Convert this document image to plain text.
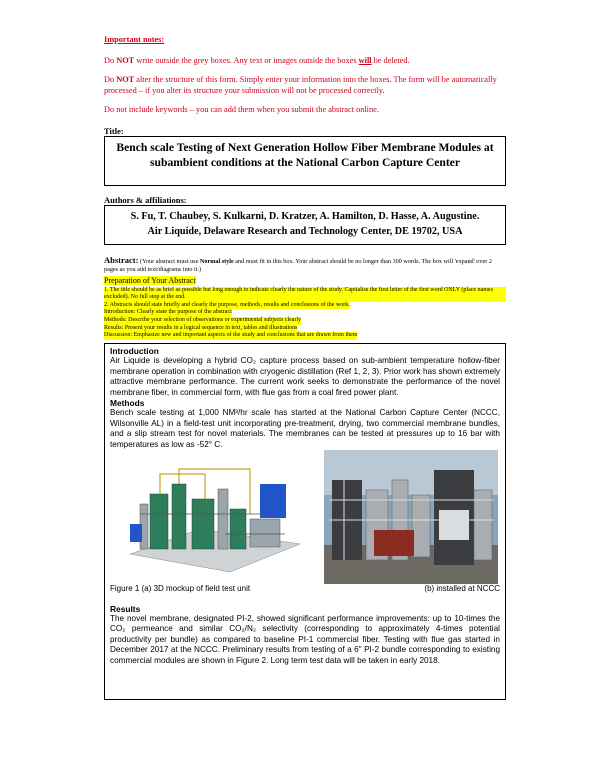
Important notes:

Do NOT write outside the grey boxes. Any text or images outside the boxes will be deleted.

Do NOT alter the structure of this form. Simply enter your information into the boxes. The form will be automatically processed – if you alter its structure your submission will not be processed correctly.

Do not include keywords – you can add them when you submit the abstract online.

Title:
Bench scale Testing of Next Generation Hollow Fiber Membrane Modules at subambient conditions at the National Carbon Capture Center
Authors & affiliations:
S. Fu, T. Chaubey, S. Kulkarni, D. Kratzer, A. Hamilton, D. Hasse, A. Augustine.
Air Liquide, Delaware Research and Technology Center, DE 19702, USA
Abstract: (Your abstract must use Normal style and must fit in this box. Your abstract should be no longer than 300 words. The box will 'expand' over 2 pages as you add text/diagrams into it.)
Preparation of Your Abstract
1. The title should be as brief as possible but long enough to indicate clearly the nature of the study. Capitalise the first letter of the first word ONLY (place names excluded). No full stop at the end.
2. Abstracts should state briefly and clearly the purpose, methods, results and conclusions of the work.
Introduction: Clearly state the purpose of the abstract
Methods: Describe your selection of observations or experimental subjects clearly
Results: Present your results in a logical sequence in text, tables and illustrations
Discussion: Emphasize new and important aspects of the study and conclusions that are drawn from them
Introduction

Air Liquide is developing a hybrid CO₂ capture process based on sub-ambient temperature hollow-fiber membrane operation in combination with cryogenic distillation (Ref 1, 2, 3). Prior work has shown extremely attractive membrane performance. The current work seeks to demonstrate the performance of the novel membrane fiber, in commercial form, with flue gas from a coal fired power plant.

Methods

Bench scale testing at 1,000 NM³/hr scale has started at the National Carbon Capture Center (NCCC, Wilsonville AL) in a field-test unit incorporating pre-treatment, drying, two commercial membrane bundles, and a slip stream test for novel materials. The membranes can be tested at pressures up to 16 bar with temperatures as low as -52° C.

Figure 1 (a) 3D mockup of field test unit	(b) installed at NCCC
Results

The novel membrane, designated PI-2, showed significant performance improvements: up to 10-times the CO₂ permeance and similar CO₂/N₂ selectivity (corresponding to approximately 4-times potential productivity per bundle) as compared to baseline PI-1 commercial fiber. Testing with flue gas started in December 2017 at the NCCC. Preliminary results from testing of a 6" PI-2 bundle corresponding to existing commercial modules are shown in Figure 2. Long term test data will be taken in early 2018.
